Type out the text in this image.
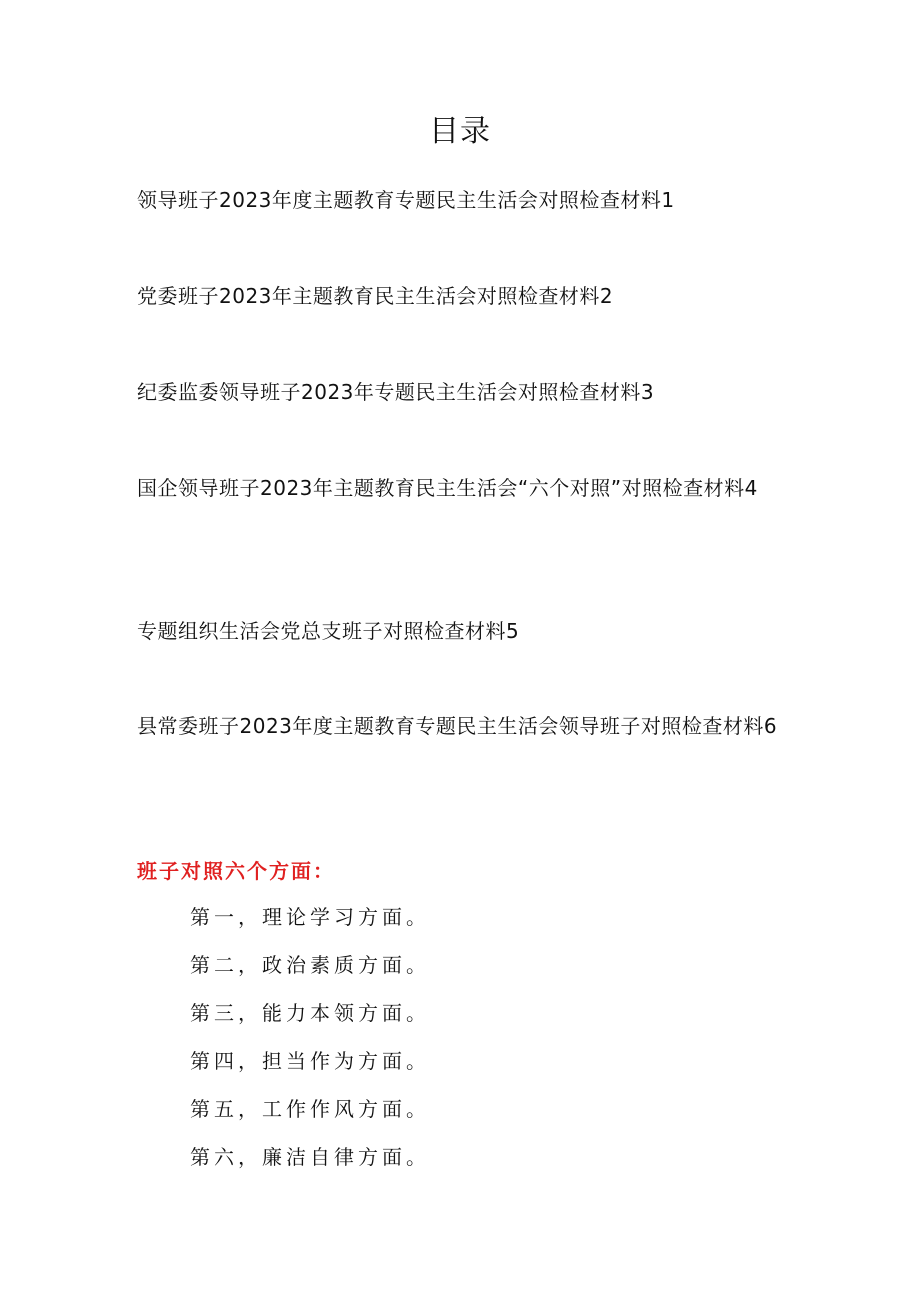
目录
领导班子2023年度主题教育专题民主生活会对照检查材料1
党委班子2023年主题教育民主生活会对照检查材料2
纪委监委领导班子2023年专题民主生活会对照检查材料3
国企领导班子2023年主题教育民主生活会“六个对照”对照检查材料4
专题组织生活会党总支班子对照检查材料5
县常委班子2023年度主题教育专题民主生活会领导班子对照检查材料6
班子对照六个方面：
第一，理论学习方面。
第二，政治素质方面。
第三，能力本领方面。
第四，担当作为方面。
第五，工作作风方面。
第六，廉洁自律方面。
